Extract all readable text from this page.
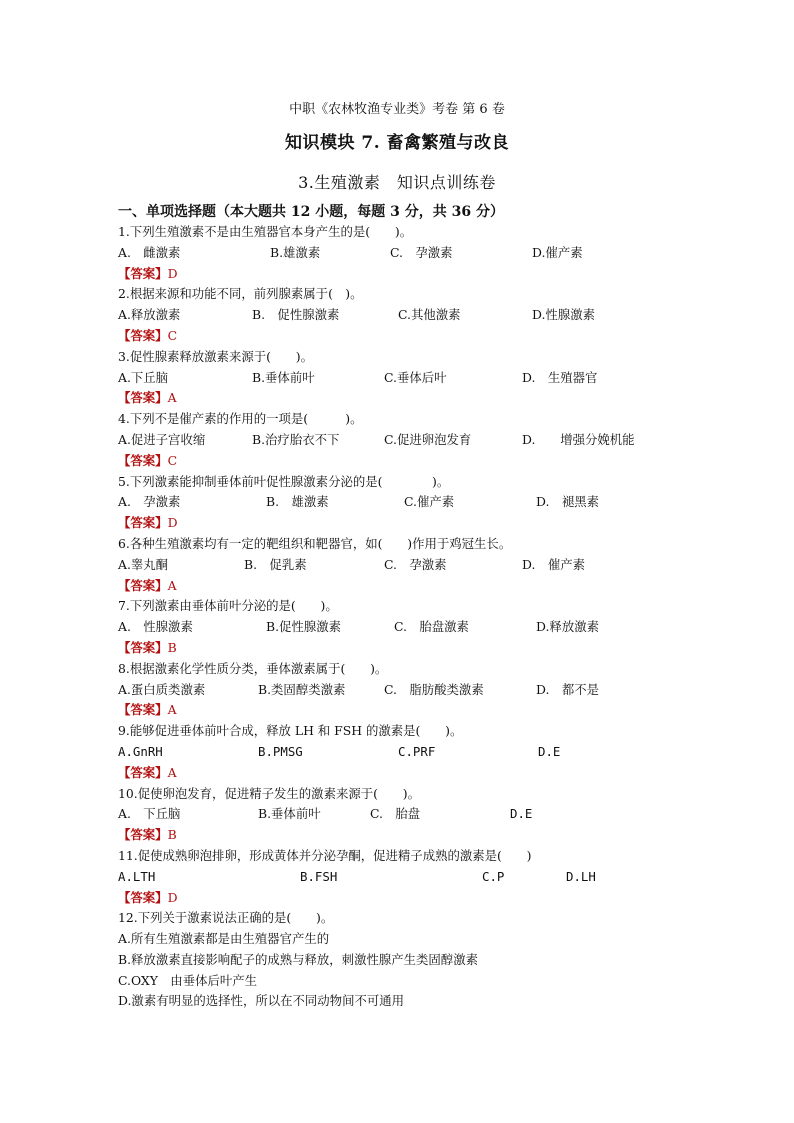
中职《农林牧渔专业类》考卷 第 6 卷
知识模块 7. 畜禽繁殖与改良
3.生殖激素　知识点训练卷
一、单项选择题（本大题共 12 小题，每题 3 分，共 36 分）
1.下列生殖激素不是由生殖器官本身产生的是(　　)。
A.　雌激素	B.雄激素	C.　孕激素	D.催产素
【答案】D
2.根据来源和功能不同，前列腺素属于(　)。
A.释放激素	B.　促性腺激素	C.其他激素	D.性腺激素
【答案】C
3.促性腺素释放激素来源于(　　)。
A.下丘脑	B.垂体前叶	C.垂体后叶	D.　生殖器官
【答案】A
4.下列不是催产素的作用的一项是(　　　)。
A.促进子宫收缩	B.治疗胎衣不下	C.促进卵泡发育	D.　　增强分娩机能
【答案】C
5.下列激素能抑制垂体前叶促性腺激素分泌的是(　　　　)。
A.　孕激素	B.　雄激素	C.催产素	D.　褪黑素
【答案】D
6.各种生殖激素均有一定的靶组织和靶器官，如(　　)作用于鸡冠生长。
A.睾丸酮	B.　促乳素	C.　孕激素	D.　催产素
【答案】A
7.下列激素由垂体前叶分泌的是(　　)。
A.　性腺激素	B.促性腺激素	C.　胎盘激素	D.释放激素
【答案】B
8.根据激素化学性质分类，垂体激素属于(　　)。
A.蛋白质类激素	B.类固醇类激素	C.　脂肪酸类激素	D.　都不是
【答案】A
9.能够促进垂体前叶合成，释放 LH 和 FSH 的激素是(　　)。
A.GnRH	B.PMSG	C.PRF	D.E
【答案】A
10.促使卵泡发育，促进精子发生的激素来源于(　　)。
A.　下丘脑	B.垂体前叶	C.　胎盘	D.E
【答案】B
11.促使成熟卵泡排卵，形成黄体并分泌孕酮，促进精子成熟的激素是(　　)
A.LTH	B.FSH	C.P	D.LH
【答案】D
12.下列关于激素说法正确的是(　　)。
A.所有生殖激素都是由生殖器官产生的
B.释放激素直接影响配子的成熟与释放，刺激性腺产生类固醇激素
C.OXY　由垂体后叶产生
D.激素有明显的选择性，所以在不同动物间不可通用
